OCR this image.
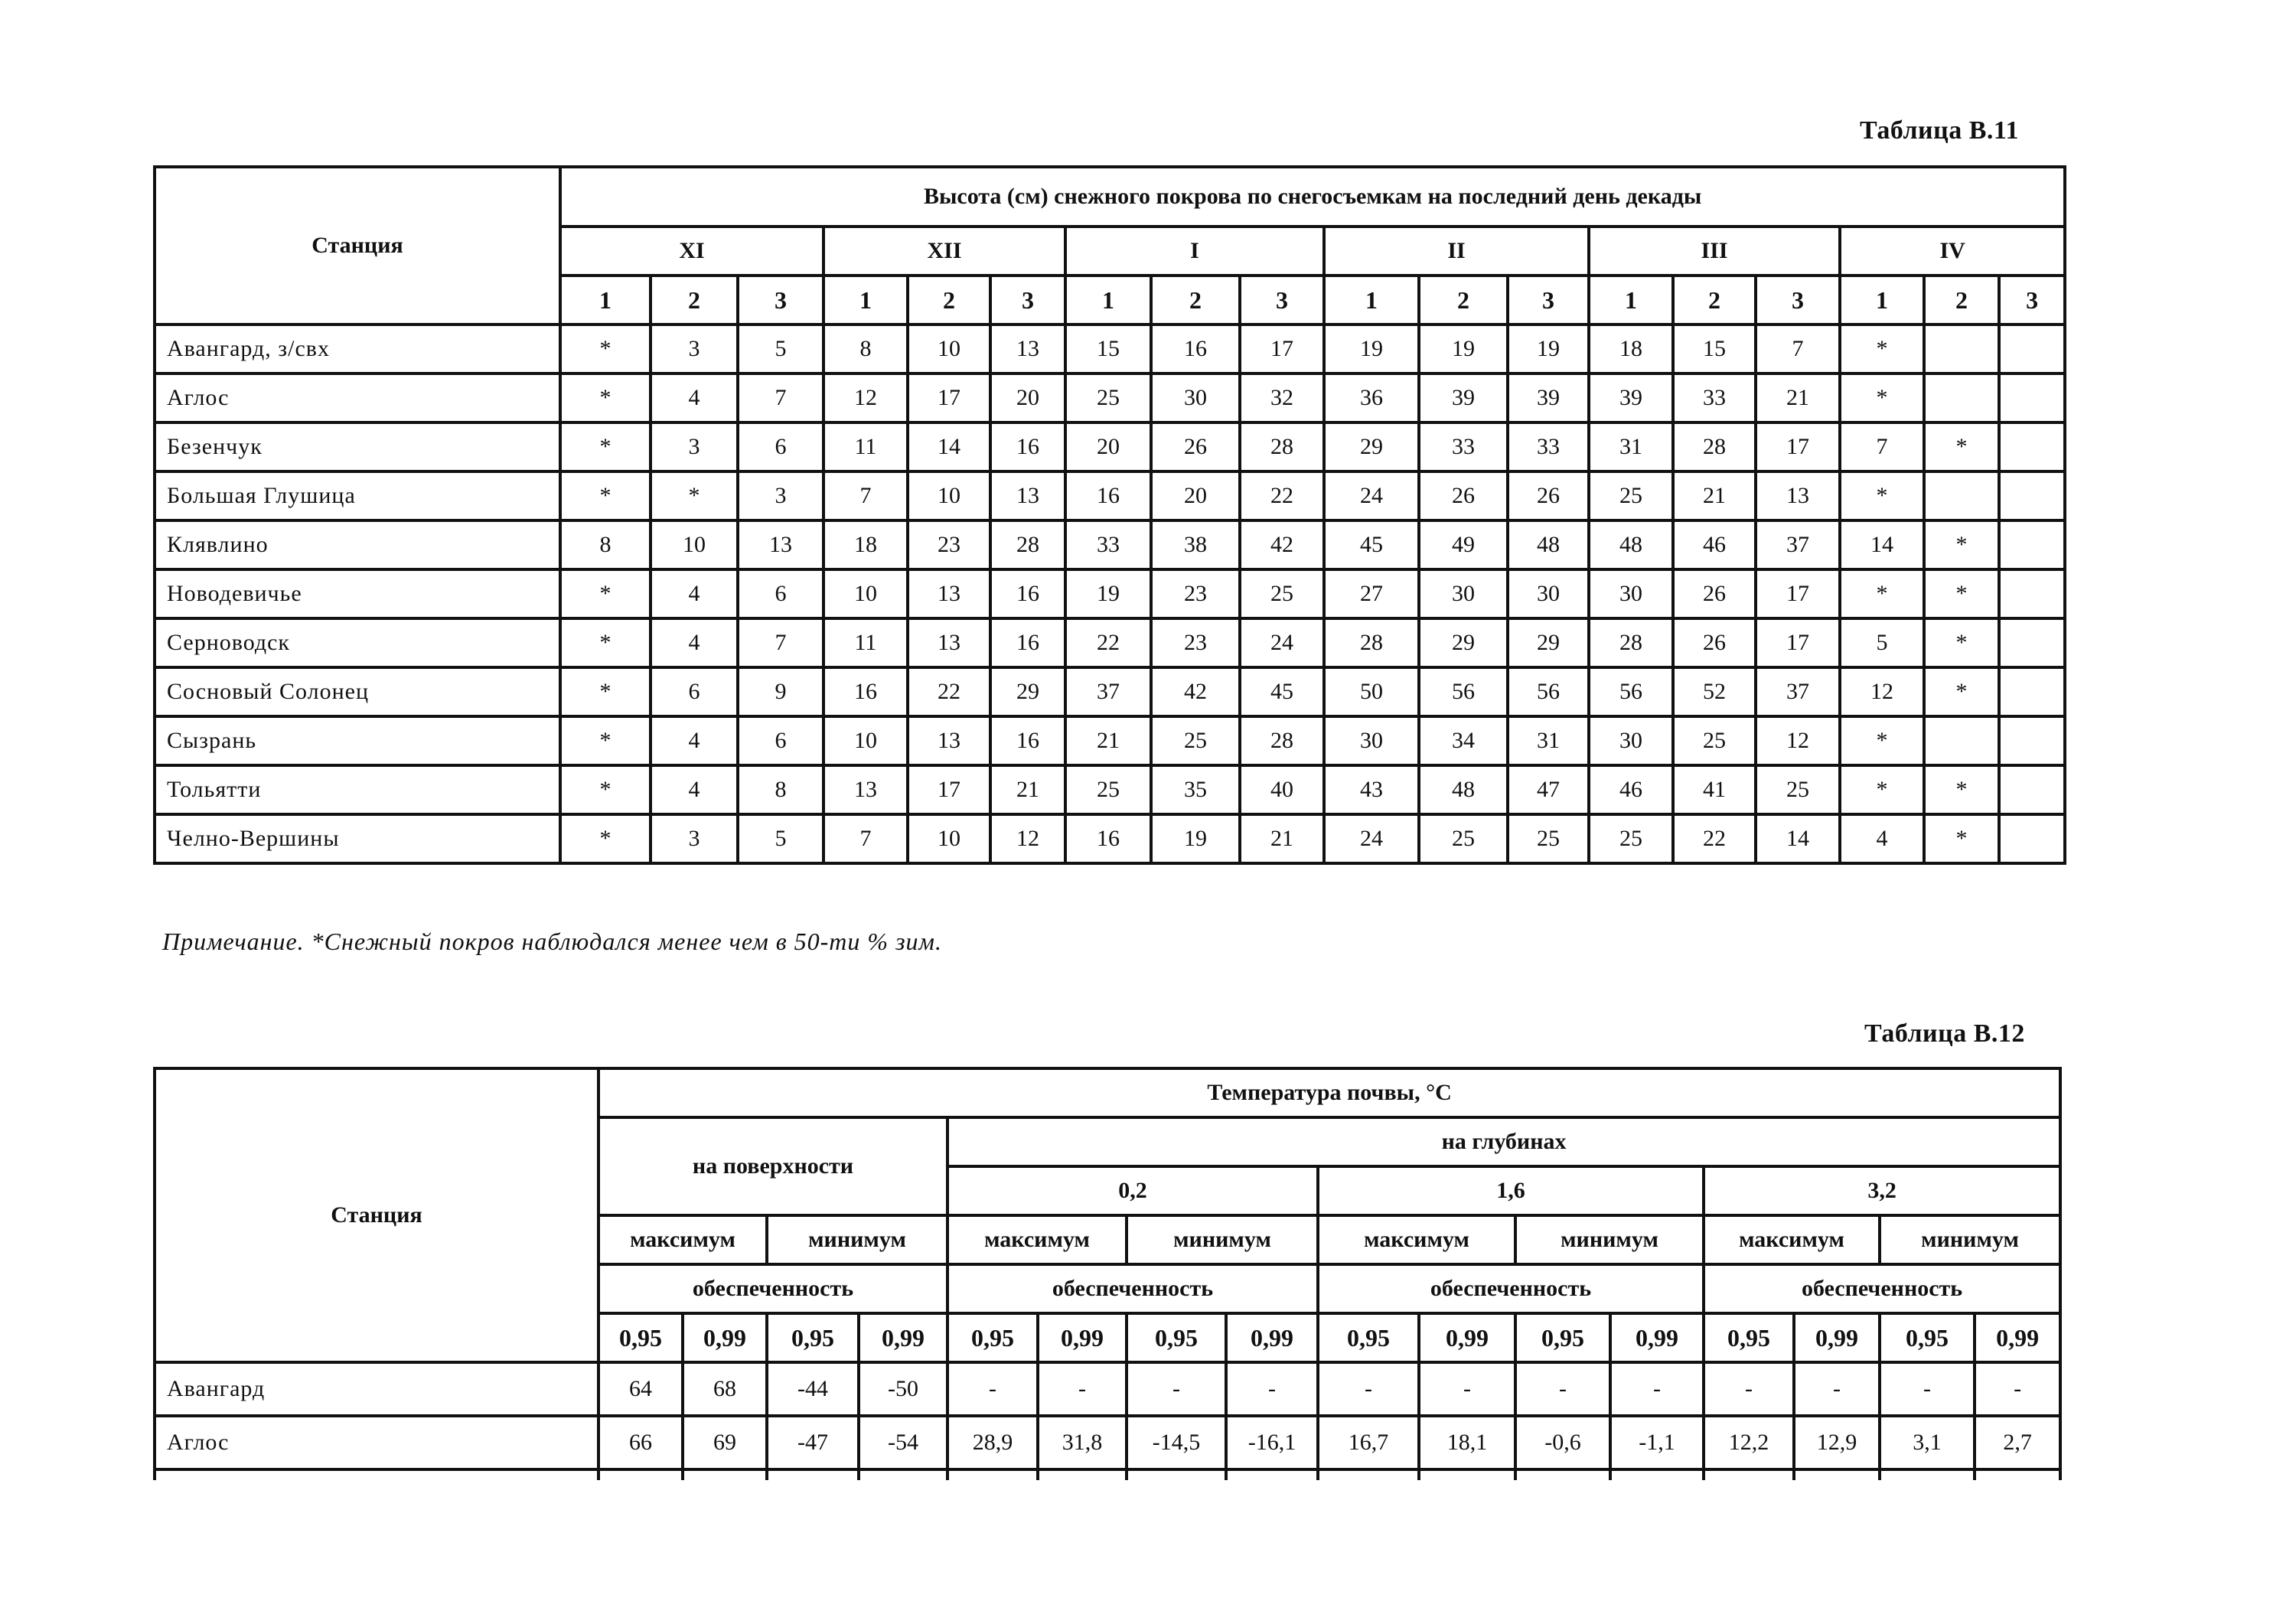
Таблица В.11
Станция	Высота (см) снежного покрова по снегосъемкам на последний день декады																	
	XI			XII			I			II			III			IV		
	1	2	3	1	2	3	1	2	3	1	2	3	1	2	3	1	2	3
Авангард, з/свх	*	3	5	8	10	13	15	16	17	19	19	19	18	15	7	*		
Аглос	*	4	7	12	17	20	25	30	32	36	39	39	39	33	21	*		
Безенчук	*	3	6	11	14	16	20	26	28	29	33	33	31	28	17	7	*	
Большая Глушица	*	*	3	7	10	13	16	20	22	24	26	26	25	21	13	*		
Клявлино	8	10	13	18	23	28	33	38	42	45	49	48	48	46	37	14	*	
Новодевичье	*	4	6	10	13	16	19	23	25	27	30	30	30	26	17	*	*	
Серноводск	*	4	7	11	13	16	22	23	24	28	29	29	28	26	17	5	*	
Сосновый Солонец	*	6	9	16	22	29	37	42	45	50	56	56	56	52	37	12	*	
Сызрань	*	4	6	10	13	16	21	25	28	30	34	31	30	25	12	*		
Тольятти	*	4	8	13	17	21	25	35	40	43	48	47	46	41	25	*	*	
Челно-Вершины	*	3	5	7	10	12	16	19	21	24	25	25	25	22	14	4	*	
Примечание. *Снежный покров наблюдался менее чем в 50-ти % зим.
Таблица В.12
Станция	Температура почвы, °С															
	на поверхности				на глубинах											
					0,2				1,6				3,2			
	максимум		минимум		максимум		минимум		максимум		минимум		максимум		минимум	
	обеспеченность				обеспеченность				обеспеченность				обеспеченность			
	0,95	0,99	0,95	0,99	0,95	0,99	0,95	0,99	0,95	0,99	0,95	0,99	0,95	0,99	0,95	0,99
Авангард	64	68	-44	-50	-	-	-	-	-	-	-	-	-	-	-	-
Аглос	66	69	-47	-54	28,9	31,8	-14,5	-16,1	16,7	18,1	-0,6	-1,1	12,2	12,9	3,1	2,7
